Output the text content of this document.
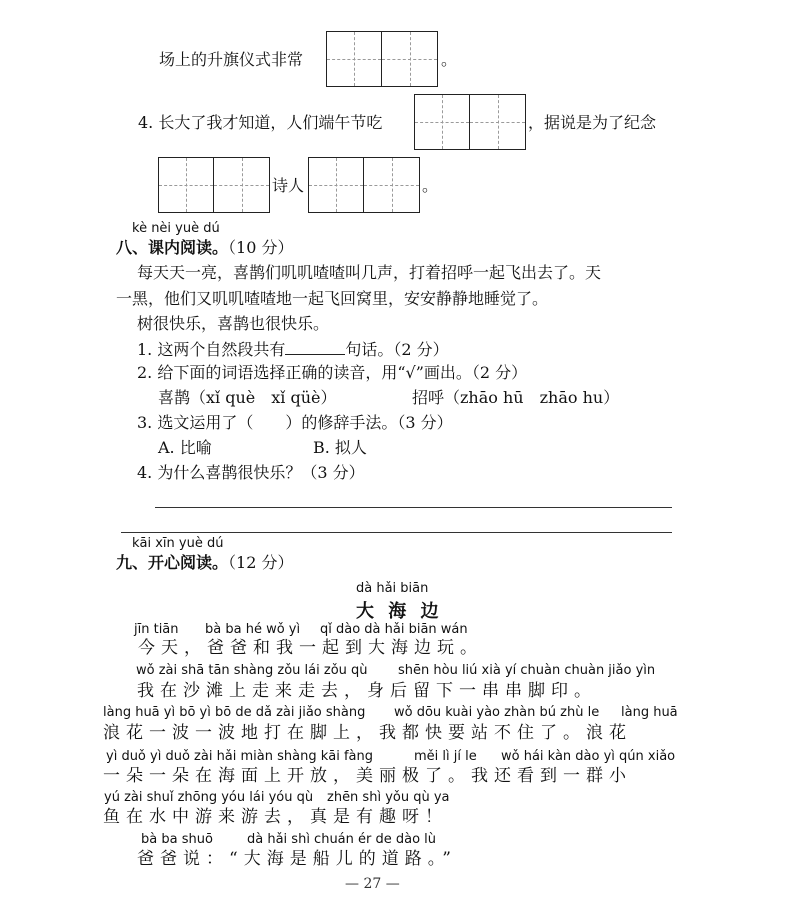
场上的升旗仪式非常	。
4. 长大了我才知道，人们端午节吃	，据说是为了纪念
诗人	。
kè nèi yuè dú
八、课内阅读。（10 分）
每天天一亮，喜鹊们叽叽喳喳叫几声，打着招呼一起飞出去了。天
一黑，他们又叽叽喳喳地一起飞回窝里，安安静静地睡觉了。
树很快乐，喜鹊也很快乐。
1. 这两个自然段共有	句话。（2 分）
2. 给下面的词语选择正确的读音，用“√”画出。（2 分）
喜鹊（xǐ què　xǐ qüè）	招呼（zhāo hū　zhāo hu）
3. 选文运用了（　　）的修辞手法。（3 分）
A. 比喻	B. 拟人
4. 为什么喜鹊很快乐？（3 分）
kāi xīn yuè dú
九、开心阅读。（12 分）
dà hǎi biān
大 海 边
jīn tiān bà ba hé wǒ yì qǐ dào dà hǎi biān wán
今天，爸爸和我一起到大海边玩。
wǒ zài shā tān shàng zǒu lái zǒu qù shēn hòu liú xià yí chuàn chuàn jiǎo yìn
我在沙滩上走来走去，身后留下一串串脚印。
làng huā yì bō yì bō de dǎ zài jiǎo shàng wǒ dōu kuài yào zhàn bú zhù le làng huā
浪花一波一波地打在脚上，我都快要站不住了。浪花
yì duǒ yì duǒ zài hǎi miàn shàng kāi fàng	měi lì jí le wǒ hái kàn dào yì qún xiǎo
一朵一朵在海面上开放，美丽极了。我还看到一群小
yú zài shuǐ zhōng yóu lái yóu qù zhēn shì yǒu qù ya
鱼在水中游来游去，真是有趣呀！
bà ba shuō	dà hǎi shì chuán ér de dào lù
爸爸说：“大海是船儿的道路。”
— 27 —
